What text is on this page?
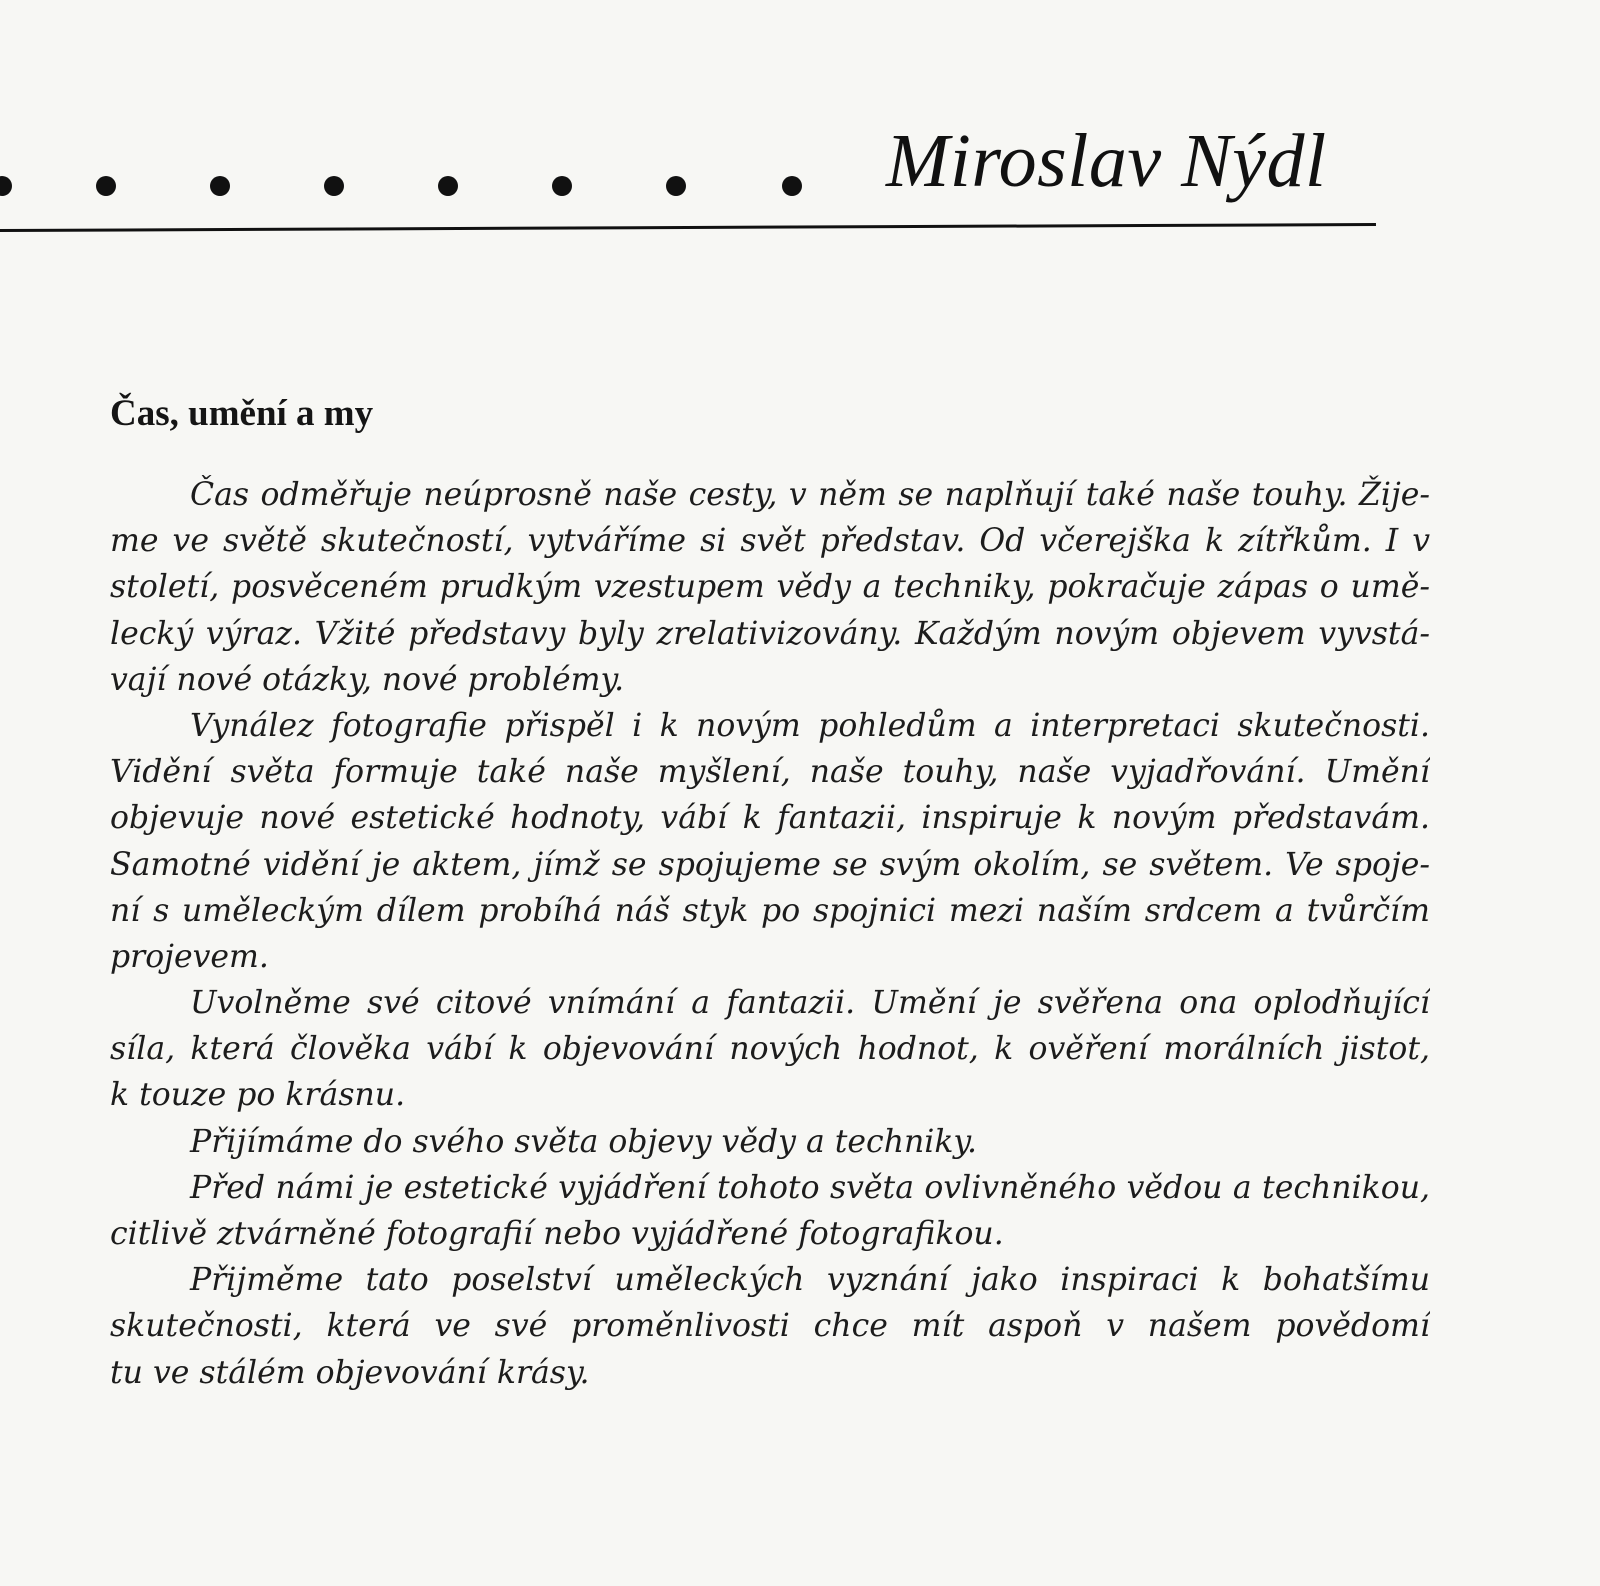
Miroslav Nýdl
Čas, umění a my
Čas odměřuje neúprosně naše cesty, v něm se naplňují také naše touhy. Žije-
me ve světě skutečností, vytváříme si svět představ. Od včerejška k zítřkům. I v
století, posvěceném prudkým vzestupem vědy a techniky, pokračuje zápas o umě-
lecký výraz. Vžité představy byly zrelativizovány. Každým novým objevem vyvstá-
vají nové otázky, nové problémy.
Vynález fotografie přispěl i k novým pohledům a interpretaci skutečnosti.
Vidění světa formuje také naše myšlení, naše touhy, naše vyjadřování. Umění
objevuje nové estetické hodnoty, vábí k fantazii, inspiruje k novým představám.
Samotné vidění je aktem, jímž se spojujeme se svým okolím, se světem. Ve spoje-
ní s uměleckým dílem probíhá náš styk po spojnici mezi naším srdcem a tvůrčím
projevem.
Uvolněme své citové vnímání a fantazii. Umění je svěřena ona oplodňující
síla, která člověka vábí k objevování nových hodnot, k ověření morálních jistot,
k touze po krásnu.
Přijímáme do svého světa objevy vědy a techniky.
Před námi je estetické vyjádření tohoto světa ovlivněného vědou a technikou,
citlivě ztvárněné fotografií nebo vyjádřené fotografikou.
Přijměme tato poselství uměleckých vyznání jako inspiraci k bohatšímu
skutečnosti, která ve své proměnlivosti chce mít aspoň v našem povědomí
tu ve stálém objevování krásy.
